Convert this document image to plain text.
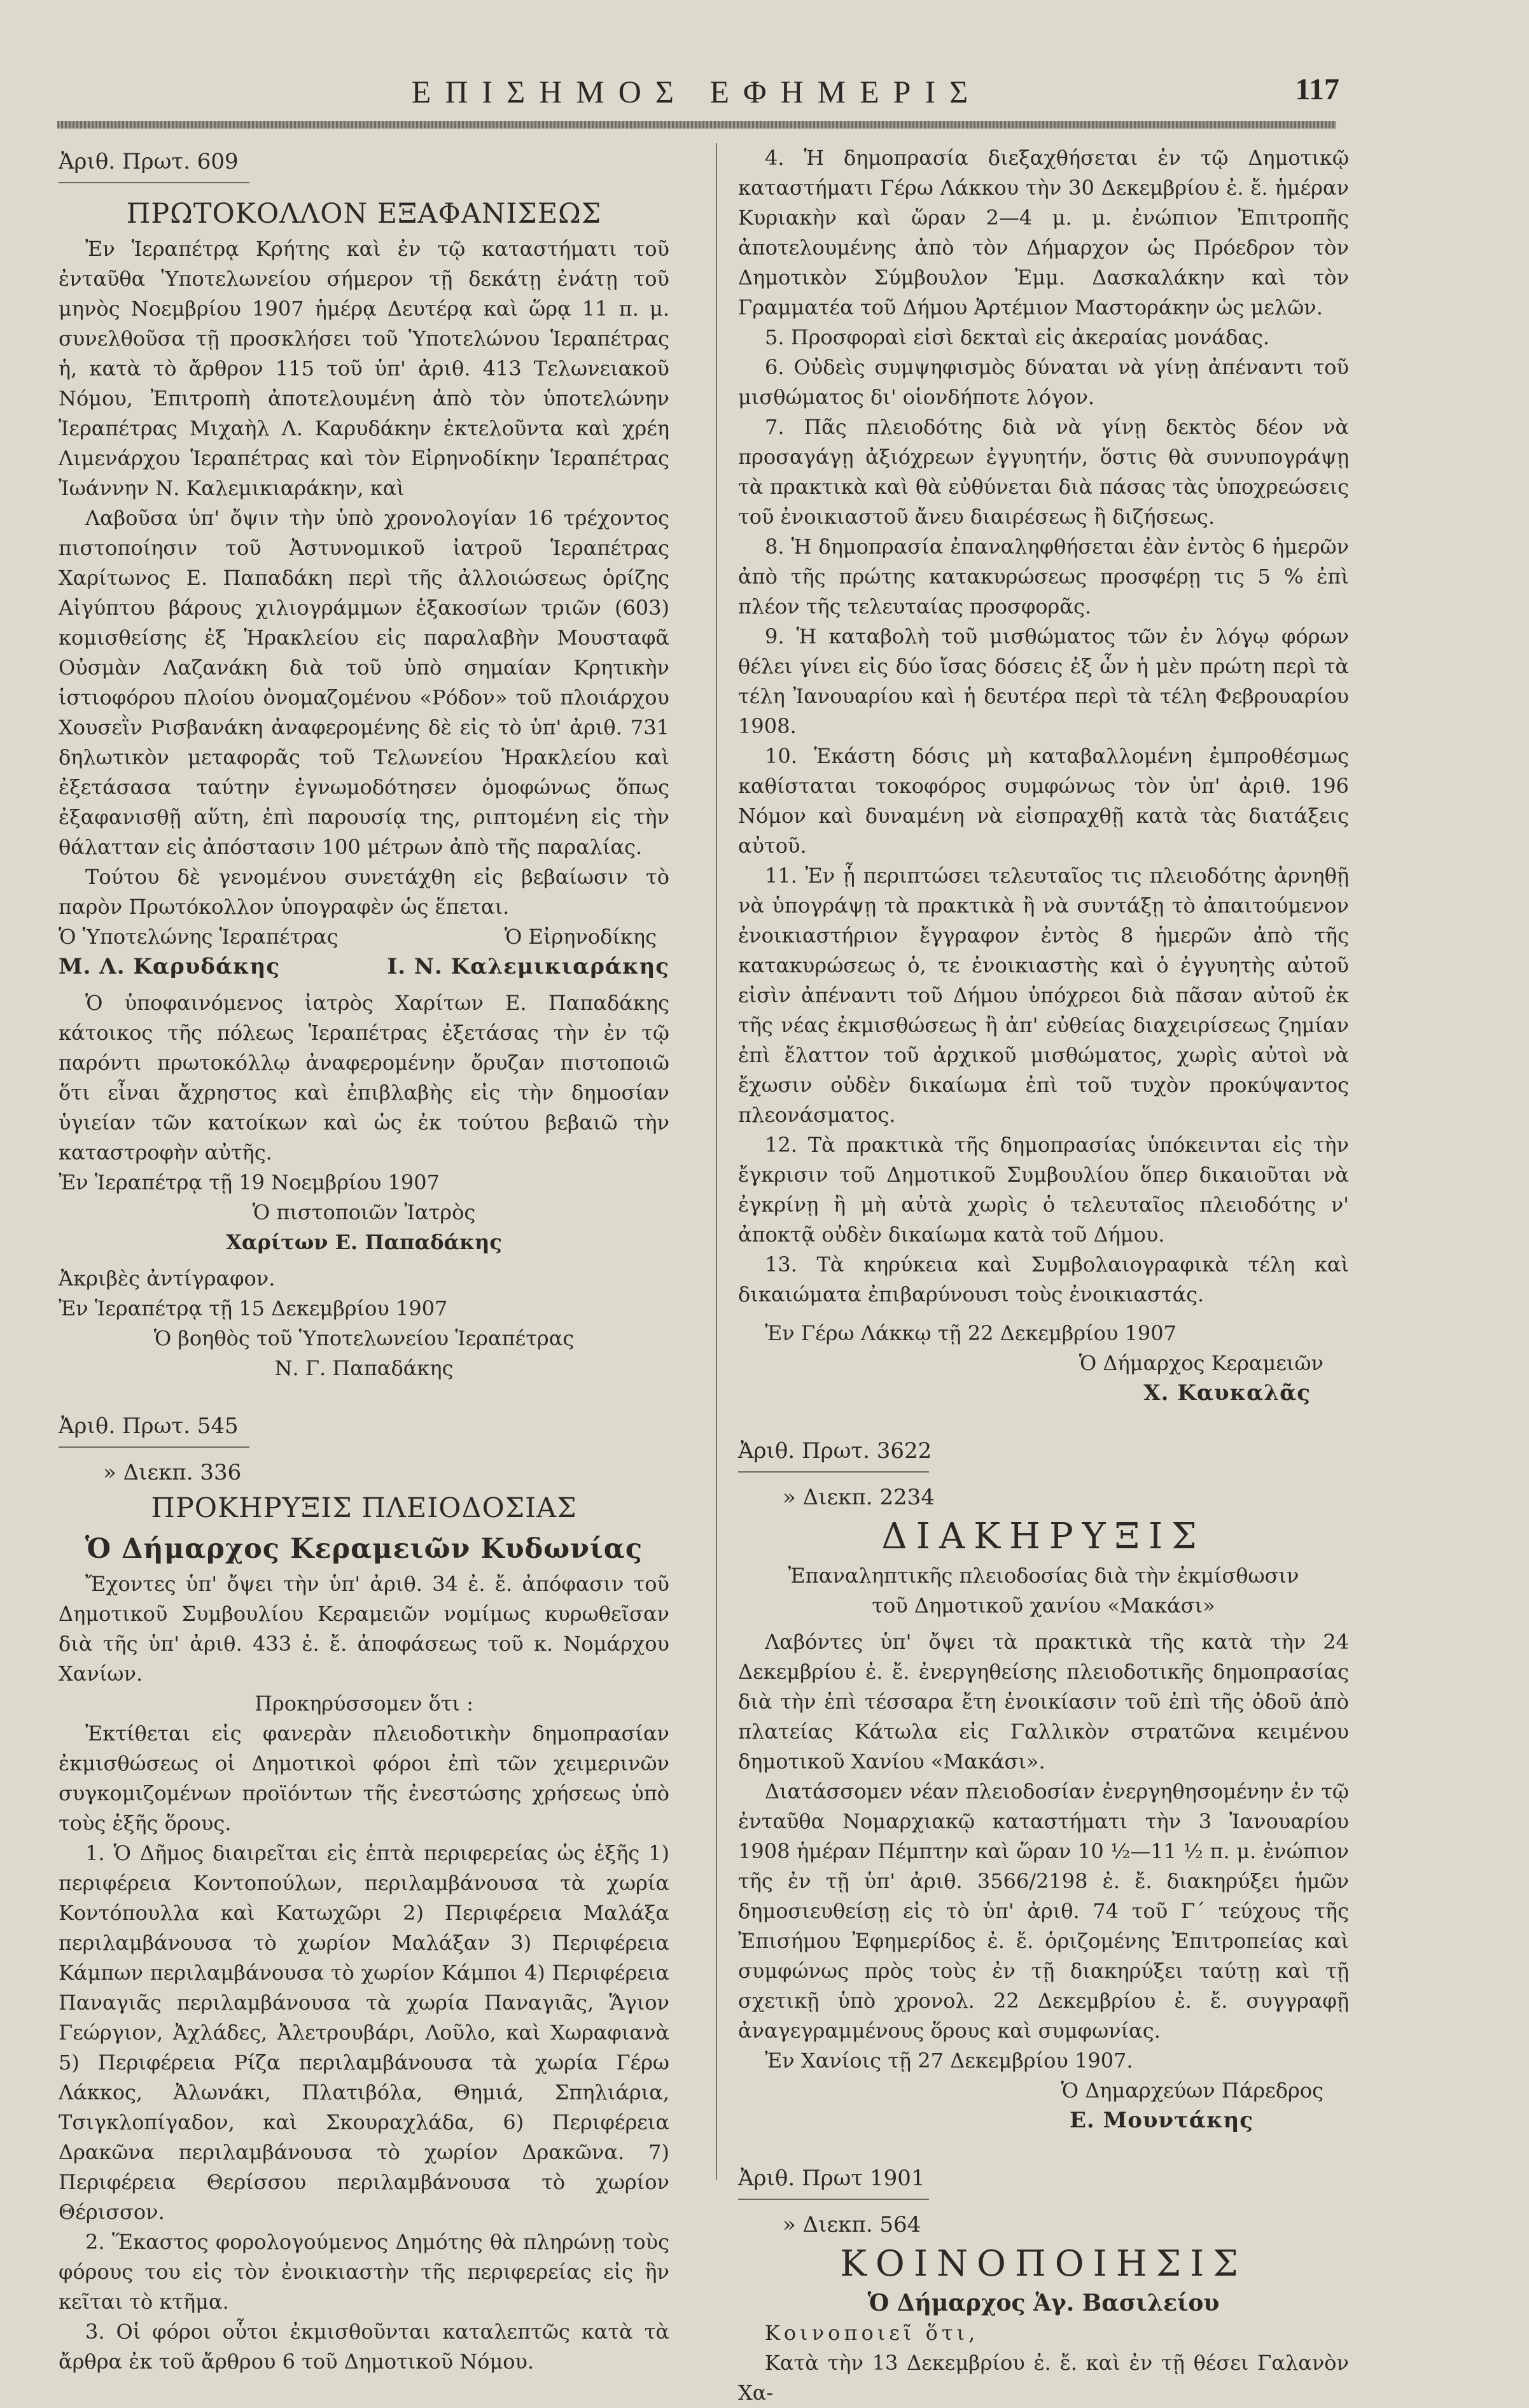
ΕΠΙΣΗΜΟΣ ΕΦΗΜΕΡΙΣ	117

Ἀριθ. Πρωτ. 609

ΠΡΩΤΟΚΟΛΛΟΝ ΕΞΑΦΑΝΙΣΕΩΣ

Ἐν Ἱεραπέτρᾳ Κρήτης καὶ ἐν τῷ καταστήματι τοῦ ἐνταῦθα Ὑποτελωνείου σήμερον τῇ δεκάτῃ ἐνάτῃ τοῦ μηνὸς Νοεμβρίου 1907 ἡμέρᾳ Δευτέρᾳ καὶ ὥρᾳ 11 π. μ. συνελθοῦσα τῇ προσκλήσει τοῦ Ὑποτελώνου Ἱεραπέτρας ἡ, κατὰ τὸ ἄρθρον 115 τοῦ ὑπ' ἀριθ. 413 Τελωνειακοῦ Νόμου, Ἐπιτροπὴ ἀποτελουμένη ἀπὸ τὸν ὑποτελώνην Ἱεραπέτρας Μιχαὴλ Λ. Καρυδάκην ἐκτελοῦντα καὶ χρέη Λιμενάρχου Ἱεραπέτρας καὶ τὸν Εἰρηνοδίκην Ἱεραπέτρας Ἰωάννην Ν. Καλεμικιαράκην, καὶ

Λαβοῦσα ὑπ' ὄψιν τὴν ὑπὸ χρονολογίαν 16 τρέχοντος πιστοποίησιν τοῦ Ἀστυνομικοῦ ἰατροῦ Ἱεραπέτρας Χαρίτωνος Ε. Παπαδάκη περὶ τῆς ἀλλοιώσεως ὁρίζης Αἰγύπτου βάρους χιλιογράμμων ἑξακοσίων τριῶν (603) κομισθείσης ἐξ Ἡρακλείου εἰς παραλαβὴν Μουσταφᾶ Οὐσμὰν Λαζανάκη διὰ τοῦ ὑπὸ σημαίαν Κρητικὴν ἱστιοφόρου πλοίου ὀνομαζομένου «Ρόδον» τοῦ πλοιάρχου Χουσεῒν Ρισβανάκη ἀναφερομένης δὲ εἰς τὸ ὑπ' ἀριθ. 731 δηλωτικὸν μεταφορᾶς τοῦ Τελωνείου Ἡρακλείου καὶ ἐξετάσασα ταύτην ἐγνωμοδότησεν ὁμοφώνως ὅπως ἐξαφανισθῇ αὕτη, ἐπὶ παρουσίᾳ της, ριπτομένη εἰς τὴν θάλατταν εἰς ἀπόστασιν 100 μέτρων ἀπὸ τῆς παραλίας.

Τούτου δὲ γενομένου συνετάχθη εἰς βεβαίωσιν τὸ παρὸν Πρωτόκολλον ὑπογραφὲν ὡς ἕπεται.

Ὁ Ὑποτελώνης Ἱεραπέτρας	Ὁ Εἰρηνοδίκης
Μ. Λ. Καρυδάκης	Ι. Ν. Καλεμικιαράκης

Ὁ ὑποφαινόμενος ἰατρὸς Χαρίτων Ε. Παπαδάκης κάτοικος τῆς πόλεως Ἱεραπέτρας ἐξετάσας τὴν ἐν τῷ παρόντι πρωτοκόλλῳ ἀναφερομένην ὄρυζαν πιστοποιῶ ὅτι εἶναι ἄχρηστος καὶ ἐπιβλαβὴς εἰς τὴν δημοσίαν ὑγιείαν τῶν κατοίκων καὶ ὡς ἐκ τούτου βεβαιῶ τὴν καταστροφὴν αὐτῆς.

Ἐν Ἱεραπέτρᾳ τῇ 19 Νοεμβρίου 1907

Ὁ πιστοποιῶν Ἰατρὸς

Χαρίτων Ε. Παπαδάκης

Ἀκριβὲς ἀντίγραφον.

Ἐν Ἱεραπέτρᾳ τῇ 15 Δεκεμβρίου 1907

Ὁ βοηθὸς τοῦ Ὑποτελωνείου Ἱεραπέτρας

Ν. Γ. Παπαδάκης

Ἀριθ. Πρωτ. 545

» Διεκπ. 336

ΠΡΟΚΗΡΥΞΙΣ ΠΛΕΙΟΔΟΣΙΑΣ

Ὁ Δήμαρχος Κεραμειῶν Κυδωνίας

Ἔχοντες ὑπ' ὄψει τὴν ὑπ' ἀριθ. 34 ἐ. ἔ. ἀπόφασιν τοῦ Δημοτικοῦ Συμβουλίου Κεραμειῶν νομίμως κυρωθεῖσαν διὰ τῆς ὑπ' ἀριθ. 433 ἐ. ἔ. ἀποφάσεως τοῦ κ. Νομάρχου Χανίων.

Προκηρύσσομεν ὅτι :

Ἐκτίθεται εἰς φανερὰν πλειοδοτικὴν δημοπρασίαν ἐκμισθώσεως οἱ Δημοτικοὶ φόροι ἐπὶ τῶν χειμερινῶν συγκομιζομένων προϊόντων τῆς ἐνεστώσης χρήσεως ὑπὸ τοὺς ἑξῆς ὅρους.

1. Ὁ Δῆμος διαιρεῖται εἰς ἑπτὰ περιφερείας ὡς ἑξῆς 1) περιφέρεια Κοντοπούλων, περιλαμβάνουσα τὰ χωρία Κοντόπουλλα καὶ Κατωχῶρι 2) Περιφέρεια Μαλάξα περιλαμβάνουσα τὸ χωρίον Μαλάξαν 3) Περιφέρεια Κάμπων περιλαμβάνουσα τὸ χωρίον Κάμποι 4) Περιφέρεια Παναγιᾶς περιλαμβάνουσα τὰ χωρία Παναγιᾶς, Ἅγιον Γεώργιον, Ἀχλάδες, Ἀλετρουβάρι, Λοῦλο, καὶ Χωραφιανὰ 5) Περιφέρεια Ρίζα περιλαμβάνουσα τὰ χωρία Γέρω Λάκκος, Ἀλωνάκι, Πλατιβόλα, Θημιά, Σπηλιάρια, Τσιγκλοπίγαδον, καὶ Σκουραχλάδα, 6) Περιφέρεια Δρακῶνα περιλαμβάνουσα τὸ χωρίον Δρακῶνα. 7) Περιφέρεια Θερίσσου περιλαμβάνουσα τὸ χωρίον Θέρισσον.

2. Ἕκαστος φορολογούμενος Δημότης θὰ πληρώνῃ τοὺς φόρους του εἰς τὸν ἐνοικιαστὴν τῆς περιφερείας εἰς ἣν κεῖται τὸ κτῆμα.

3. Οἱ φόροι οὗτοι ἐκμισθοῦνται καταλεπτῶς κατὰ τὰ ἄρθρα ἐκ τοῦ ἄρθρου 6 τοῦ Δημοτικοῦ Νόμου.

4. Ἡ δημοπρασία διεξαχθήσεται ἐν τῷ Δημοτικῷ καταστήματι Γέρω Λάκκου τὴν 30 Δεκεμβρίου ἐ. ἔ. ἡμέραν Κυριακὴν καὶ ὥραν 2—4 μ. μ. ἐνώπιον Ἐπιτροπῆς ἀποτελουμένης ἀπὸ τὸν Δήμαρχον ὡς Πρόεδρον τὸν Δημοτικὸν Σύμβουλον Ἐμμ. Δασκαλάκην καὶ τὸν Γραμματέα τοῦ Δήμου Ἀρτέμιον Μαστοράκην ὡς μελῶν.

5. Προσφοραὶ εἰσὶ δεκταὶ εἰς ἀκεραίας μονάδας.

6. Οὐδεὶς συμψηφισμὸς δύναται νὰ γίνῃ ἀπέναντι τοῦ μισθώματος δι' οἱονδήποτε λόγον.

7. Πᾶς πλειοδότης διὰ νὰ γίνῃ δεκτὸς δέον νὰ προσαγάγῃ ἀξιόχρεων ἐγγυητήν, ὅστις θὰ συνυπογράψῃ τὰ πρακτικὰ καὶ θὰ εὐθύνεται διὰ πάσας τὰς ὑποχρεώσεις τοῦ ἐνοικιαστοῦ ἄνευ διαιρέσεως ἢ διζήσεως.

8. Ἡ δημοπρασία ἐπαναληφθήσεται ἐὰν ἐντὸς 6 ἡμερῶν ἀπὸ τῆς πρώτης κατακυρώσεως προσφέρῃ τις 5 % ἐπὶ πλέον τῆς τελευταίας προσφορᾶς.

9. Ἡ καταβολὴ τοῦ μισθώματος τῶν ἐν λόγῳ φόρων θέλει γίνει εἰς δύο ἴσας δόσεις ἐξ ὧν ἡ μὲν πρώτη περὶ τὰ τέλη Ἰανουαρίου καὶ ἡ δευτέρα περὶ τὰ τέλη Φεβρουαρίου 1908.

10. Ἑκάστη δόσις μὴ καταβαλλομένη ἐμπροθέσμως καθίσταται τοκοφόρος συμφώνως τὸν ὑπ' ἀριθ. 196 Νόμον καὶ δυναμένη νὰ εἰσπραχθῇ κατὰ τὰς διατάξεις αὐτοῦ.

11. Ἐν ᾗ περιπτώσει τελευταῖος τις πλειοδότης ἀρνηθῇ νὰ ὑπογράψῃ τὰ πρακτικὰ ἢ νὰ συντάξῃ τὸ ἀπαιτούμενον ἐνοικιαστήριον ἔγγραφον ἐντὸς 8 ἡμερῶν ἀπὸ τῆς κατακυρώσεως ὁ, τε ἐνοικιαστὴς καὶ ὁ ἐγγυητὴς αὐτοῦ εἰσὶν ἀπέναντι τοῦ Δήμου ὑπόχρεοι διὰ πᾶσαν αὐτοῦ ἐκ τῆς νέας ἐκμισθώσεως ἢ ἀπ' εὐθείας διαχειρίσεως ζημίαν ἐπὶ ἔλαττον τοῦ ἀρχικοῦ μισθώματος, χωρὶς αὐτοὶ νὰ ἔχωσιν οὐδὲν δικαίωμα ἐπὶ τοῦ τυχὸν προκύψαντος πλεονάσματος.

12. Τὰ πρακτικὰ τῆς δημοπρασίας ὑπόκεινται εἰς τὴν ἔγκρισιν τοῦ Δημοτικοῦ Συμβουλίου ὅπερ δικαιοῦται νὰ ἐγκρίνῃ ἢ μὴ αὐτὰ χωρὶς ὁ τελευταῖος πλειοδότης ν' ἀποκτᾷ οὐδὲν δικαίωμα κατὰ τοῦ Δήμου.

13. Τὰ κηρύκεια καὶ Συμβολαιογραφικὰ τέλη καὶ δικαιώματα ἐπιβαρύνουσι τοὺς ἐνοικιαστάς.

Ἐν Γέρω Λάκκῳ τῇ 22 Δεκεμβρίου 1907

Ὁ Δήμαρχος Κεραμειῶν

Χ. Καυκαλᾶς

Ἀριθ. Πρωτ. 3622

» Διεκπ. 2234

ΔΙΑΚΗΡΥΞΙΣ

Ἐπαναληπτικῆς πλειοδοσίας διὰ τὴν ἐκμίσθωσιν τοῦ Δημοτικοῦ χανίου «Μακάσι»

Λαβόντες ὑπ' ὄψει τὰ πρακτικὰ τῆς κατὰ τὴν 24 Δεκεμβρίου ἐ. ἔ. ἐνεργηθείσης πλειοδοτικῆς δημοπρασίας διὰ τὴν ἐπὶ τέσσαρα ἔτη ἐνοικίασιν τοῦ ἐπὶ τῆς ὁδοῦ ἀπὸ πλατείας Κάτωλα εἰς Γαλλικὸν στρατῶνα κειμένου δημοτικοῦ Χανίου «Μακάσι».

Διατάσσομεν νέαν πλειοδοσίαν ἐνεργηθησομένην ἐν τῷ ἐνταῦθα Νομαρχιακῷ καταστήματι τὴν 3 Ἰανουαρίου 1908 ἡμέραν Πέμπτην καὶ ὥραν 10 ½—11 ½ π. μ. ἐνώπιον τῆς ἐν τῇ ὑπ' ἀριθ. 3566/2198 ἐ. ἔ. διακηρύξει ἡμῶν δημοσιευθείσῃ εἰς τὸ ὑπ' ἀριθ. 74 τοῦ Γ΄ τεύχους τῆς Ἐπισήμου Ἐφημερίδος ἐ. ἔ. ὁριζομένης Ἐπιτροπείας καὶ συμφώνως πρὸς τοὺς ἐν τῇ διακηρύξει ταύτῃ καὶ τῇ σχετικῇ ὑπὸ χρονολ. 22 Δεκεμβρίου ἐ. ἔ. συγγραφῇ ἀναγεγραμμένους ὅρους καὶ συμφωνίας.

Ἐν Χανίοις τῇ 27 Δεκεμβρίου 1907.

Ὁ Δημαρχεύων Πάρεδρος

Ε. Μουντάκης

Ἀριθ. Πρωτ 1901

» Διεκπ. 564

ΚΟΙΝΟΠΟΙΗΣΙΣ

Ὁ Δήμαρχος Ἁγ. Βασιλείου

Κοινοποιεῖ ὅτι,

Κατὰ τὴν 13 Δεκεμβρίου ἐ. ἔ. καὶ ἐν τῇ θέσει Γαλανὸν Χα-
